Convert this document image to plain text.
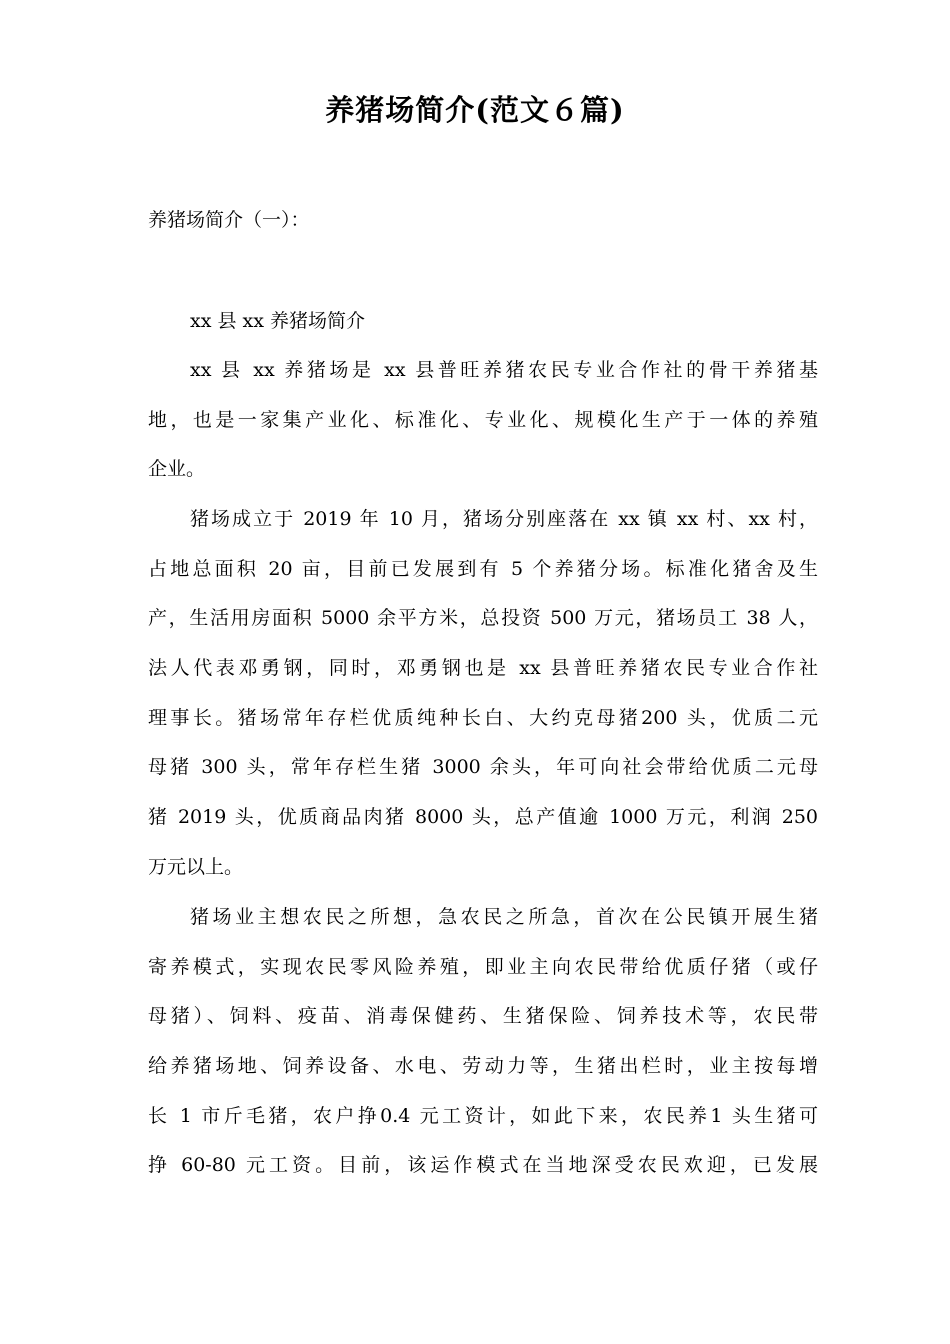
养猪场简介(范文６篇)
养猪场简介（一）：
xx 县 xx 养猪场简介
xx 县 xx 养猪场是 xx 县普旺养猪农民专业合作社的骨干养猪基
地，也是一家集产业化、标准化、专业化、规模化生产于一体的养殖
企业。
猪场成立于 2019 年 10 月，猪场分别座落在 xx 镇 xx 村、xx 村，
占地总面积 20 亩，目前已发展到有 5 个养猪分场。标准化猪舍及生
产，生活用房面积 5000 余平方米，总投资 500 万元，猪场员工 38 人，
法人代表邓勇钢，同时，邓勇钢也是 xx 县普旺养猪农民专业合作社
理事长。猪场常年存栏优质纯种长白、大约克母猪200 头，优质二元
母猪 300 头，常年存栏生猪 3000 余头，年可向社会带给优质二元母
猪 2019 头，优质商品肉猪 8000 头，总产值逾 1000 万元，利润 250
万元以上。
猪场业主想农民之所想，急农民之所急，首次在公民镇开展生猪
寄养模式，实现农民零风险养殖，即业主向农民带给优质仔猪（或仔
母猪）、饲料、疫苗、消毒保健药、生猪保险、饲养技术等，农民带
给养猪场地、饲养设备、水电、劳动力等，生猪出栏时，业主按每增
长 1 市斤毛猪，农户挣0.4 元工资计，如此下来，农民养1 头生猪可
挣 60-80 元工资。目前，该运作模式在当地深受农民欢迎，已发展
